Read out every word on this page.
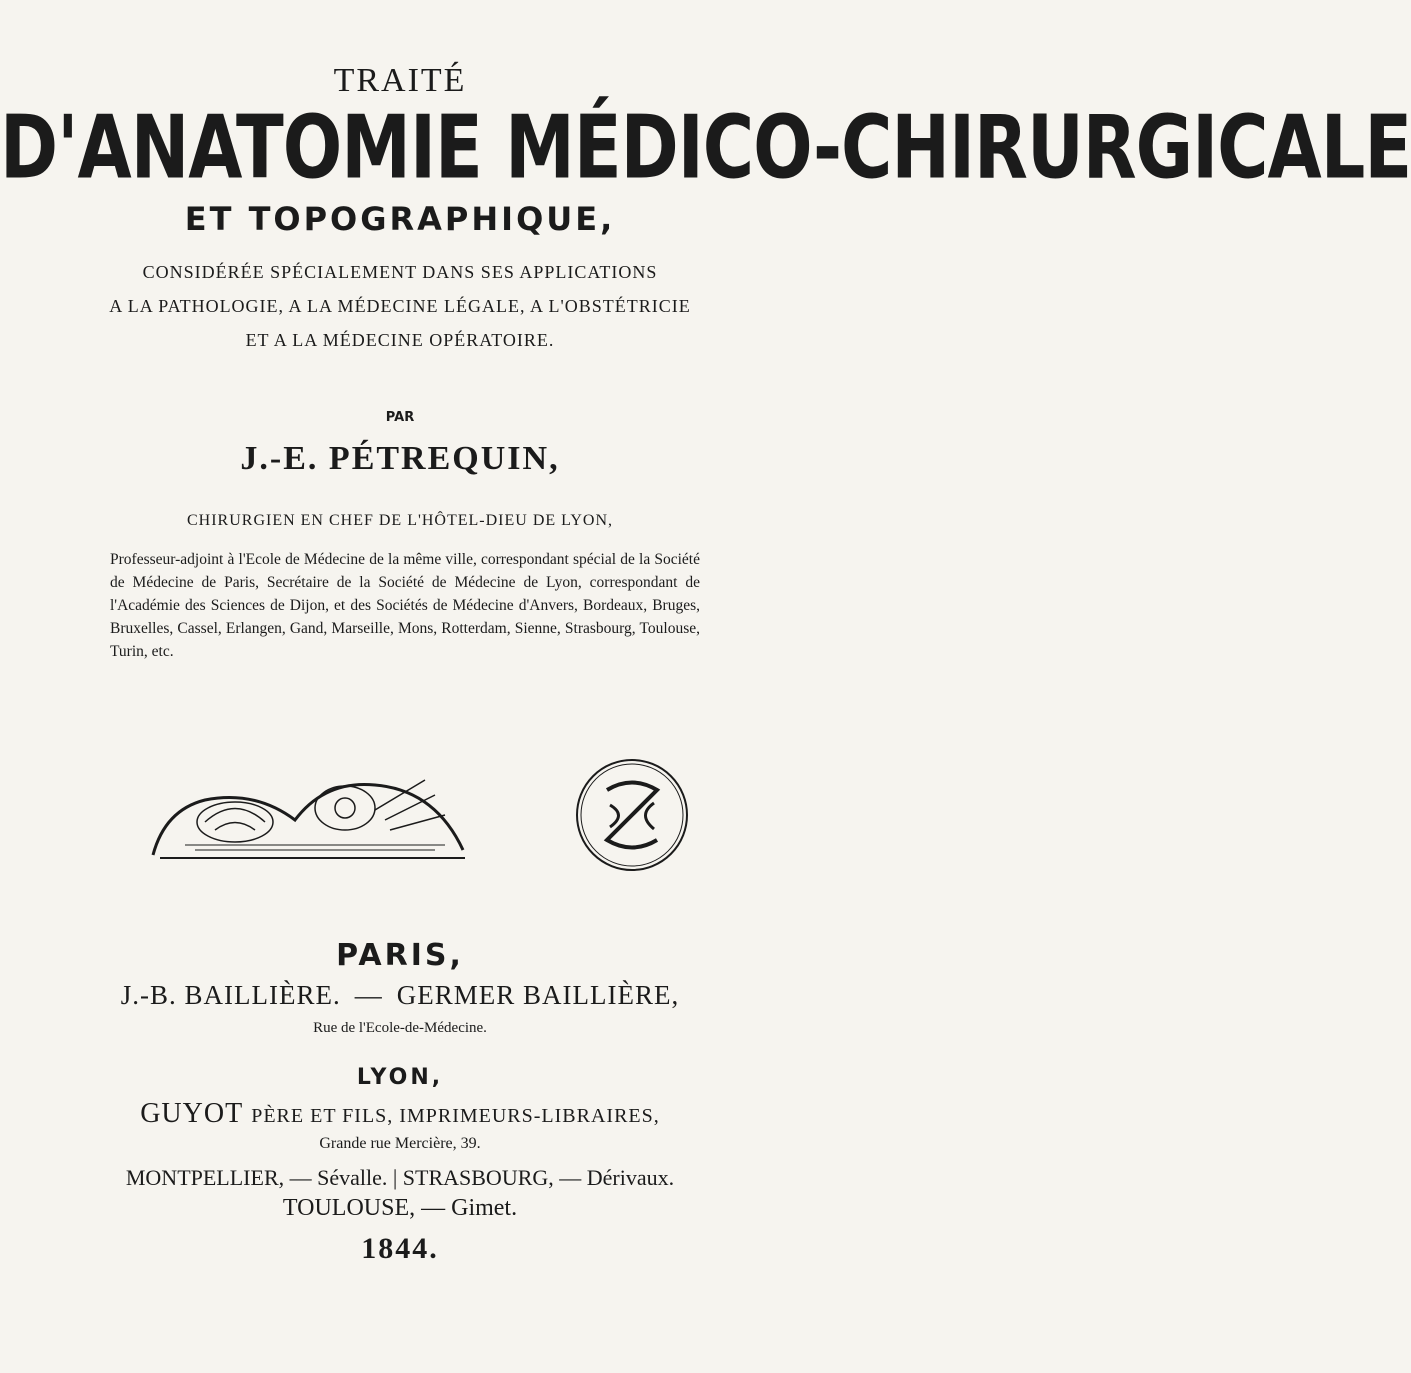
TRAITÉ
D'ANATOMIE MÉDICO-CHIRURGICALE
ET TOPOGRAPHIQUE,
CONSIDÉRÉE SPÉCIALEMENT DANS SES APPLICATIONS
A LA PATHOLOGIE, A LA MÉDECINE LÉGALE, A L'OBSTÉTRICIE
ET A LA MÉDECINE OPÉRATOIRE.
PAR
J.-E. PÉTREQUIN,
CHIRURGIEN EN CHEF DE L'HÔTEL-DIEU DE LYON,
Professeur-adjoint à l'Ecole de Médecine de la même ville, correspondant spécial de la Société de Médecine de Paris, Secrétaire de la Société de Médecine de Lyon, correspondant de l'Académie des Sciences de Dijon, et des Sociétés de Médecine d'Anvers, Bordeaux, Bruges, Bruxelles, Cassel, Erlangen, Gand, Marseille, Mons, Rotterdam, Sienne, Strasbourg, Toulouse, Turin, etc.
PARIS,
J.-B. BAILLIÈRE. — GERMER BAILLIÈRE,
Rue de l'Ecole-de-Médecine.
LYON,
GUYOT PÈRE ET FILS, IMPRIMEURS-LIBRAIRES,
Grande rue Mercière, 39.
MONTPELLIER, — Sévalle. | STRASBOURG, — Dérivaux.
TOULOUSE, — Gimet.
1844.
